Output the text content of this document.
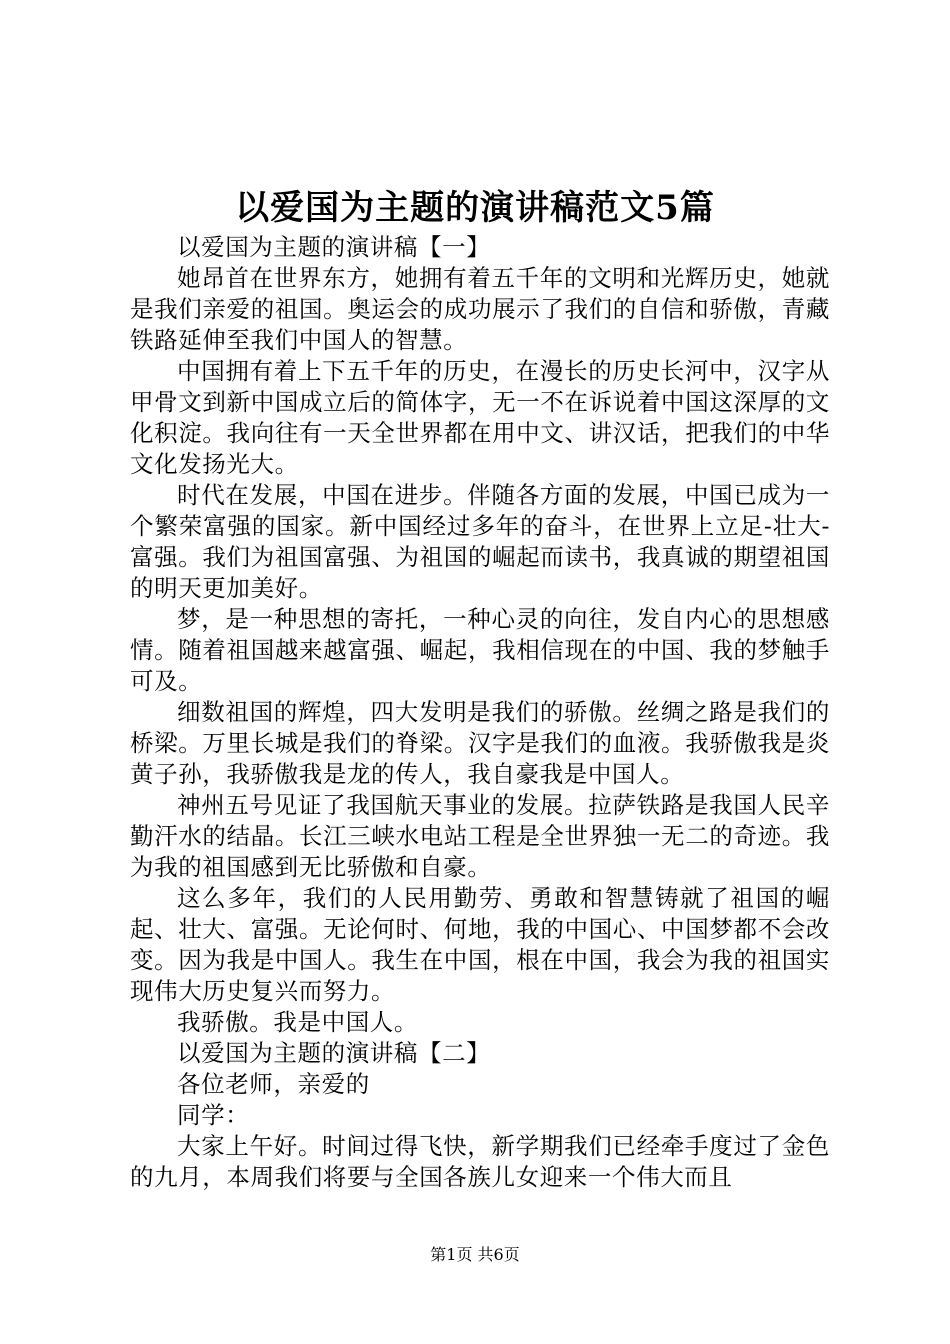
以爱国为主题的演讲稿范文5篇

以爱国为主题的演讲稿【一】

她昂首在世界东方，她拥有着五千年的文明和光辉历史，她就是我们亲爱的祖国。奥运会的成功展示了我们的自信和骄傲，青藏铁路延伸至我们中国人的智慧。

中国拥有着上下五千年的历史，在漫长的历史长河中，汉字从甲骨文到新中国成立后的简体字，无一不在诉说着中国这深厚的文化积淀。我向往有一天全世界都在用中文、讲汉话，把我们的中华文化发扬光大。

时代在发展，中国在进步。伴随各方面的发展，中国已成为一个繁荣富强的国家。新中国经过多年的奋斗，在世界上立足-壮大-富强。我们为祖国富强、为祖国的崛起而读书，我真诚的期望祖国的明天更加美好。

梦，是一种思想的寄托，一种心灵的向往，发自内心的思想感情。随着祖国越来越富强、崛起，我相信现在的中国、我的梦触手可及。

细数祖国的辉煌，四大发明是我们的骄傲。丝绸之路是我们的桥梁。万里长城是我们的脊梁。汉字是我们的血液。我骄傲我是炎黄子孙，我骄傲我是龙的传人，我自豪我是中国人。

神州五号见证了我国航天事业的发展。拉萨铁路是我国人民辛勤汗水的结晶。长江三峡水电站工程是全世界独一无二的奇迹。我为我的祖国感到无比骄傲和自豪。

这么多年，我们的人民用勤劳、勇敢和智慧铸就了祖国的崛起、壮大、富强。无论何时、何地，我的中国心、中国梦都不会改变。因为我是中国人。我生在中国，根在中国，我会为我的祖国实现伟大历史复兴而努力。

我骄傲。我是中国人。

以爱国为主题的演讲稿【二】

各位老师，亲爱的

同学：

大家上午好。时间过得飞快，新学期我们已经牵手度过了金色的九月，本周我们将要与全国各族儿女迎来一个伟大而且

第1页 共6页
